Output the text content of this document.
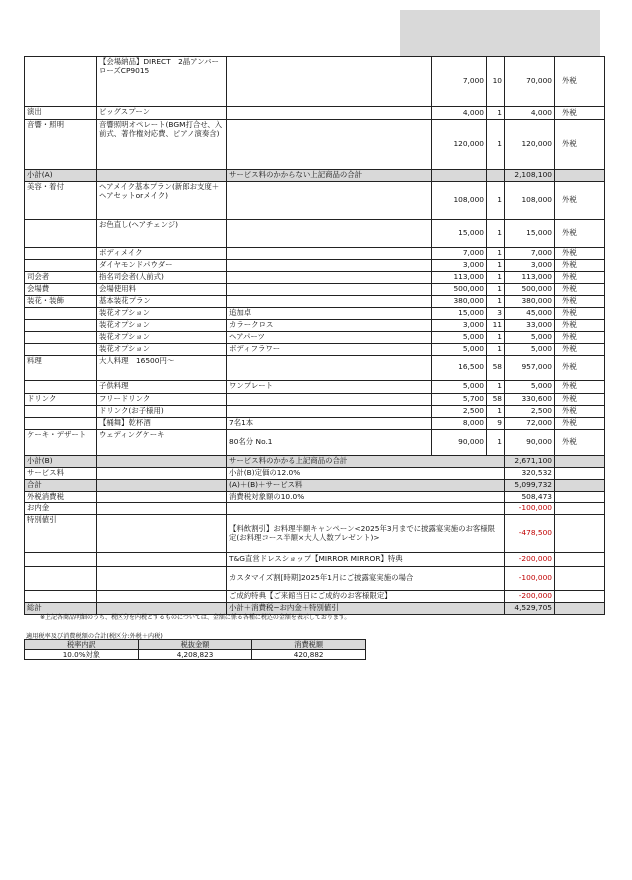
	【会場納品】DIRECT　2晶アンバーローズCP9015		7,000	10	70,000	外税
演出	ビッグスプーン		4,000	1	4,000	外税
音響・照明	音響照明オペレート(BGM打合せ、入前式、著作権対応費、ピアノ演奏含)		120,000	1	120,000	外税
小計(A)		サービス料のかからない上記商品の合計			2,108,100	
美容・着付	ヘアメイク基本プラン(新郎お支度＋ヘアセットorメイク)		108,000	1	108,000	外税
	お色直し(ヘアチェンジ)		15,000	1	15,000	外税
	ボディメイク		7,000	1	7,000	外税
	ダイヤモンドパウダー		3,000	1	3,000	外税
司会者	指名司会者(人前式)		113,000	1	113,000	外税
会場費	会場使用料		500,000	1	500,000	外税
装花・装飾	基本装花プラン		380,000	1	380,000	外税
	装花オプション	追加卓	15,000	3	45,000	外税
	装花オプション	カラークロス	3,000	11	33,000	外税
	装花オプション	ヘアパーツ	5,000	1	5,000	外税
	装花オプション	ボディフラワー	5,000	1	5,000	外税
料理	大人料理　16500円〜		16,500	58	957,000	外税
	子供料理	ワンプレート	5,000	1	5,000	外税
ドリンク	フリードリンク		5,700	58	330,600	外税
	ドリンク(お子様用)		2,500	1	2,500	外税
	【桶舞】乾杯酒	7名1本	8,000	9	72,000	外税
ケーキ・デザート	ウェディングケーキ	80名分 No.1	90,000	1	90,000	外税
小計(B)		サービス料のかかる上記商品の合計			2,671,100	
サービス料		小計(B)定価の12.0%			320,532	
合計		(A)＋(B)＋サービス料			5,099,732	
外税消費税		消費税対象額の10.0%			508,473	
お内金					-100,000	
特別値引		【料飲割引】お料理半額キャンペーン<2025年3月までに披露宴実施のお客様限定(お料理コース半額×大人人数プレゼント)>			-478,500	
		T&G直営ドレスショップ【MIRROR MIRROR】特典			-200,000	
		カスタマイズ割[時期]2025年1月にご披露宴実施の場合			-100,000	
		ご成約特典【ご来館当日にご成約のお客様限定】			-200,000	
総計		小計＋消費税−お内金＋特別値引			4,529,705	
※上記各商品明細のうち、税区分を内税とするものについては、金額に係る各種に税込の金額を表示しております。
適用税率及び消費税額の合計(税区分:外税＋内税)
税率内訳	税抜金額	消費税額
10.0%対象	4,208,823	420,882
